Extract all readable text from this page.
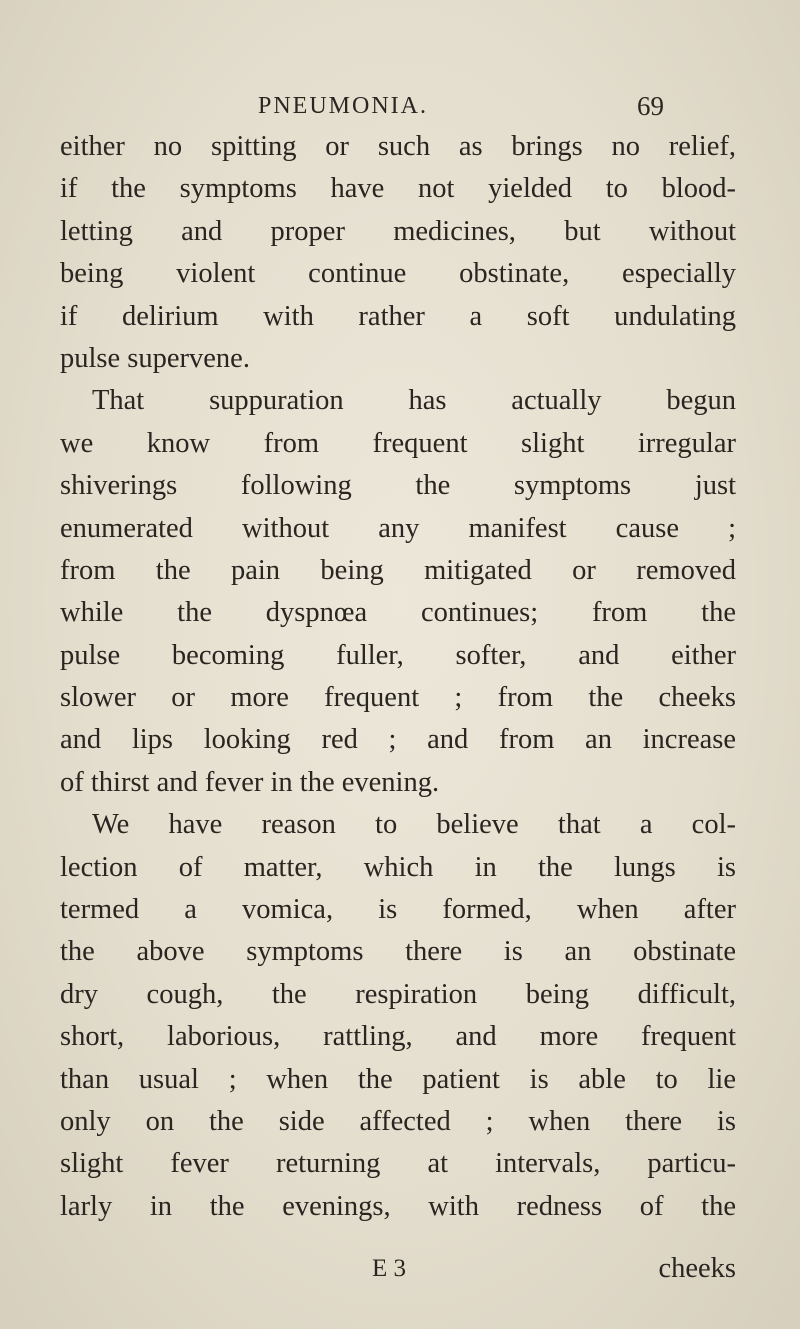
PNEUMONIA.	69
either no spitting or such as brings no relief,
if the symptoms have not yielded to blood-
letting and proper medicines, but without
being violent continue obstinate, especially
if delirium with rather a soft undulating
pulse supervene.
That suppuration has actually begun
we know from frequent slight irregular
shiverings following the symptoms just
enumerated without any manifest cause ;
from the pain being mitigated or removed
while the dyspnœa continues; from the
pulse becoming fuller, softer, and either
slower or more frequent ; from the cheeks
and lips looking red ; and from an increase
of thirst and fever in the evening.
We have reason to believe that a col-
lection of matter, which in the lungs is
termed a vomica, is formed, when after
the above symptoms there is an obstinate
dry cough, the respiration being difficult,
short, laborious, rattling, and more frequent
than usual ; when the patient is able to lie
only on the side affected ; when there is
slight fever returning at intervals, particu-
larly in the evenings, with redness of the
E 3	cheeks
